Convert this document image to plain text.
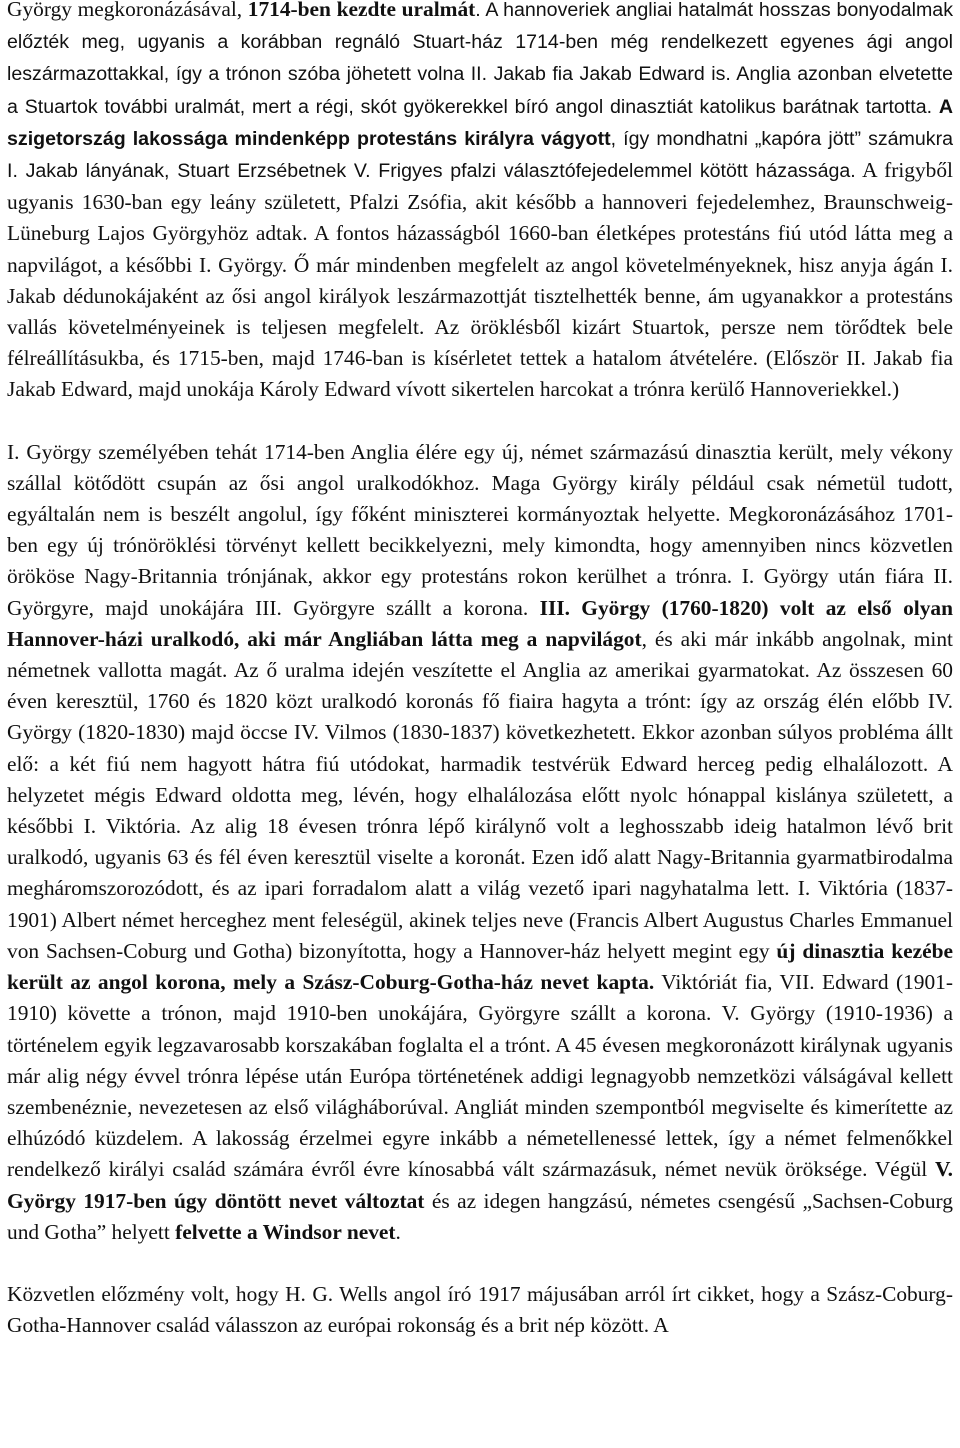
György megkoronázásával, 1714-ben kezdte uralmát. A hannoveriek angliai hatalmát hosszas bonyodalmak előzték meg, ugyanis a korábban regnáló Stuart-ház 1714-ben még rendelkezett egyenes ági angol leszármazottakkal, így a trónon szóba jöhetett volna II. Jakab fia Jakab Edward is. Anglia azonban elvetette a Stuartok további uralmát, mert a régi, skót gyökerekkel bíró angol dinasztiát katolikus barátnak tartotta. A szigetország lakossága mindenképp protestáns királyra vágyott, így mondhatni „kapóra jött” számukra I. Jakab lányának, Stuart Erzsébetnek V. Frigyes pfalzi választófejedelemmel kötött házassága. A frigyből ugyanis 1630-ban egy leány született, Pfalzi Zsófia, akit később a hannoveri fejedelemhez, Braunschweig-Lüneburg Lajos Györgyhöz adtak. A fontos házasságból 1660-ban életképes protestáns fiú utód látta meg a napvilágot, a későbbi I. György. Ő már mindenben megfelelt az angol követelményeknek, hisz anyja ágán I. Jakab dédunokájaként az ősi angol királyok leszármazottját tisztelhették benne, ám ugyanakkor a protestáns vallás követelményeinek is teljesen megfelelt. Az öröklésből kizárt Stuartok, persze nem törődtek bele félreállításukba, és 1715-ben, majd 1746-ban is kísérletet tettek a hatalom átvételére. (Először II. Jakab fia Jakab Edward, majd unokája Károly Edward vívott sikertelen harcokat a trónra kerülő Hannoveriekkel.)

I. György személyében tehát 1714-ben Anglia élére egy új, német származású dinasztia került, mely vékony szállal kötődött csupán az ősi angol uralkodókhoz. Maga György király például csak németül tudott, egyáltalán nem is beszélt angolul, így főként miniszterei kormányoztak helyette. Megkoronázásához 1701-ben egy új trónöröklési törvényt kellett becikkelyezni, mely kimondta, hogy amennyiben nincs közvetlen örököse Nagy-Britannia trónjának, akkor egy protestáns rokon kerülhet a trónra. I. György után fiára II. Györgyre, majd unokájára III. Györgyre szállt a korona. III. György (1760-1820) volt az első olyan Hannover-házi uralkodó, aki már Angliában látta meg a napvilágot, és aki már inkább angolnak, mint németnek vallotta magát. Az ő uralma idején veszítette el Anglia az amerikai gyarmatokat. Az összesen 60 éven keresztül, 1760 és 1820 közt uralkodó koronás fő fiaira hagyta a trónt: így az ország élén előbb IV. György (1820-1830) majd öccse IV. Vilmos (1830-1837) következhetett. Ekkor azonban súlyos probléma állt elő: a két fiú nem hagyott hátra fiú utódokat, harmadik testvérük Edward herceg pedig elhalálozott. A helyzetet mégis Edward oldotta meg, lévén, hogy elhalálozása előtt nyolc hónappal kislánya született, a későbbi I. Viktória. Az alig 18 évesen trónra lépő királynő volt a leghosszabb ideig hatalmon lévő brit uralkodó, ugyanis 63 és fél éven keresztül viselte a koronát. Ezen idő alatt Nagy-Britannia gyarmatbirodalma megháromszorozódott, és az ipari forradalom alatt a világ vezető ipari nagyhatalma lett. I. Viktória (1837-1901) Albert német herceghez ment feleségül, akinek teljes neve (Francis Albert Augustus Charles Emmanuel von Sachsen-Coburg und Gotha) bizonyította, hogy a Hannover-ház helyett megint egy új dinasztia kezébe került az angol korona, mely a Szász-Coburg-Gotha-ház nevet kapta. Viktóriát fia, VII. Edward (1901-1910) követte a trónon, majd 1910-ben unokájára, Györgyre szállt a korona. V. György (1910-1936) a történelem egyik legzavarosabb korszakában foglalta el a trónt. A 45 évesen megkoronázott királynak ugyanis már alig négy évvel trónra lépése után Európa történetének addigi legnagyobb nemzetközi válságával kellett szembenéznie, nevezetesen az első világháborúval. Angliát minden szempontból megviselte és kimerítette az elhúzódó küzdelem. A lakosság érzelmei egyre inkább a németellenessé lettek, így a német felmenőkkel rendelkező királyi család számára évről évre kínosabbá vált származásuk, német nevük öröksége. Végül V. György 1917-ben úgy döntött nevet változtat és az idegen hangzású, németes csengésű „Sachsen-Coburg und Gotha” helyett felvette a Windsor nevet.

Közvetlen előzmény volt, hogy H. G. Wells angol író 1917 májusában arról írt cikket, hogy a Szász-Coburg-Gotha-Hannover család válasszon az európai rokonság és a brit nép között. A
